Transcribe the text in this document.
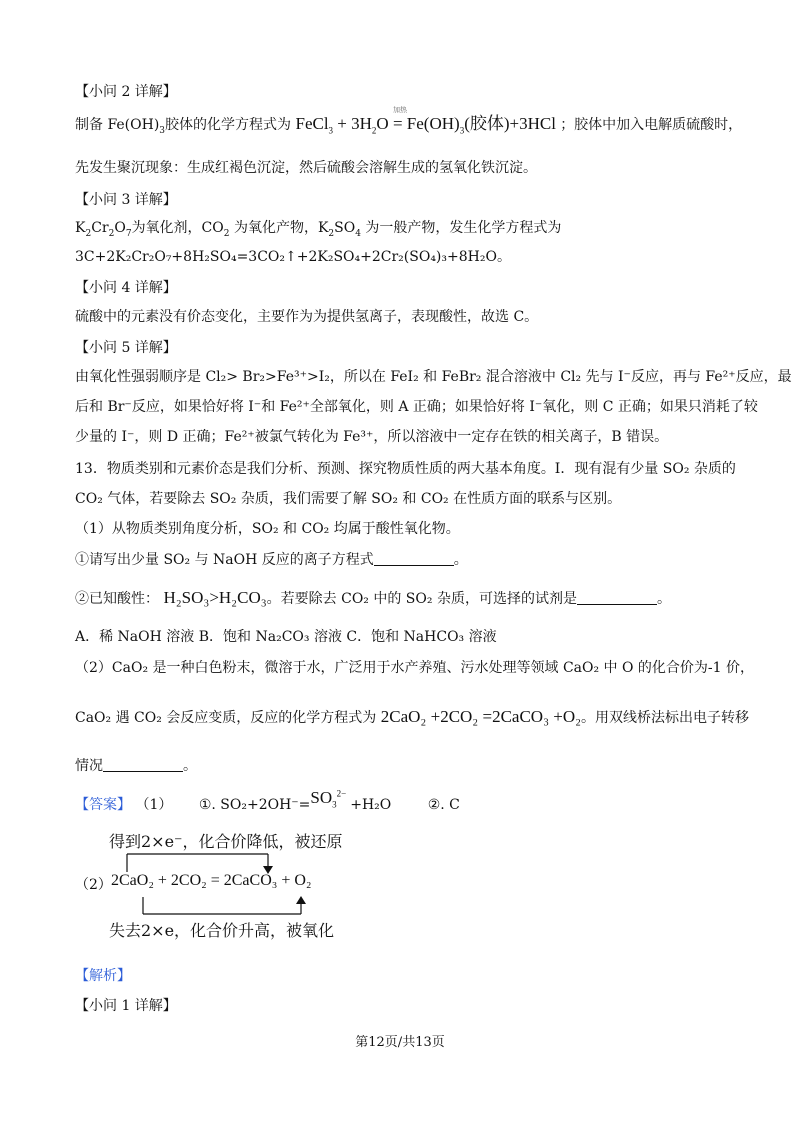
【小问 2 详解】
制备 $Fe(OH)_3$胶体的化学方程式为 FeCl$_3$ + $3H_2O$
加热
= $Fe(OH)_3$(胶体)+3HCl ；胶体中加入电解质硫酸时，
先发生聚沉现象：生成红褐色沉淀，然后硫酸会溶解生成的氢氧化铁沉淀。
【小问 3 详解】
$K_2Cr_2O_7$为氧化剂，$CO_2$ 为氧化产物，$K_2SO_4$ 为一般产物，发生化学方程式为
3C+2K₂Cr₂O₇+8H₂SO₄=3CO₂↑+2K₂SO₄+2Cr₂(SO₄)₃+8H₂O。
【小问 4 详解】
硫酸中的元素没有价态变化，主要作为为提供氢离子，表现酸性，故选 C。
【小问 5 详解】
由氧化性强弱顺序是 Cl₂> Br₂>Fe³⁺>I₂，所以在 FeI₂ 和 FeBr₂ 混合溶液中 Cl₂ 先与 I⁻反应，再与 Fe²⁺反应，最
后和 Br⁻反应，如果恰好将 I⁻和 Fe²⁺全部氧化，则 A 正确；如果恰好将 I⁻氧化，则 C 正确；如果只消耗了较
少量的 I⁻，则 D 正确；Fe²⁺被氯气转化为 Fe³⁺，所以溶液中一定存在铁的相关离子，B 错误。
13．物质类别和元素价态是我们分析、预测、探究物质性质的两大基本角度。I．现有混有少量 SO₂ 杂质的
CO₂ 气体，若要除去 SO₂ 杂质，我们需要了解 SO₂ 和 CO₂ 在性质方面的联系与区别。
（1）从物质类别角度分析，SO₂ 和 CO₂ 均属于酸性氧化物。
①请写出少量 SO₂ 与 NaOH 反应的离子方程式	。
②已知酸性： H₂SO₃>H₂CO₃。若要除去 CO₂ 中的 SO₂ 杂质，可选择的试剂是	。
A．稀 NaOH 溶液 B．饱和 Na₂CO₃ 溶液 C．饱和 NaHCO₃ 溶液
（2）CaO₂ 是一种白色粉末，微溶于水，广泛用于水产养殖、污水处理等领域 CaO₂ 中 O 的化合价为-1 价，
CaO₂ 遇 CO₂ 会反应变质，反应的化学方程式为 2CaO₂ +2CO₂ =2CaCO₃ +O₂。用双线桥法标出电子转移
情况	。
【答案】 （1） ①. $SO_2+2OH^-=SO_3^{2-}+H_2O$	②. C
得到2×e⁻，化合价降低，被还原
（2） 2CaO₂ + 2CO₂ = 2CaCO₃ + O₂
失去2×e，化合价升高，被氧化
【解析】
【小问 1 详解】
第12页/共13页
